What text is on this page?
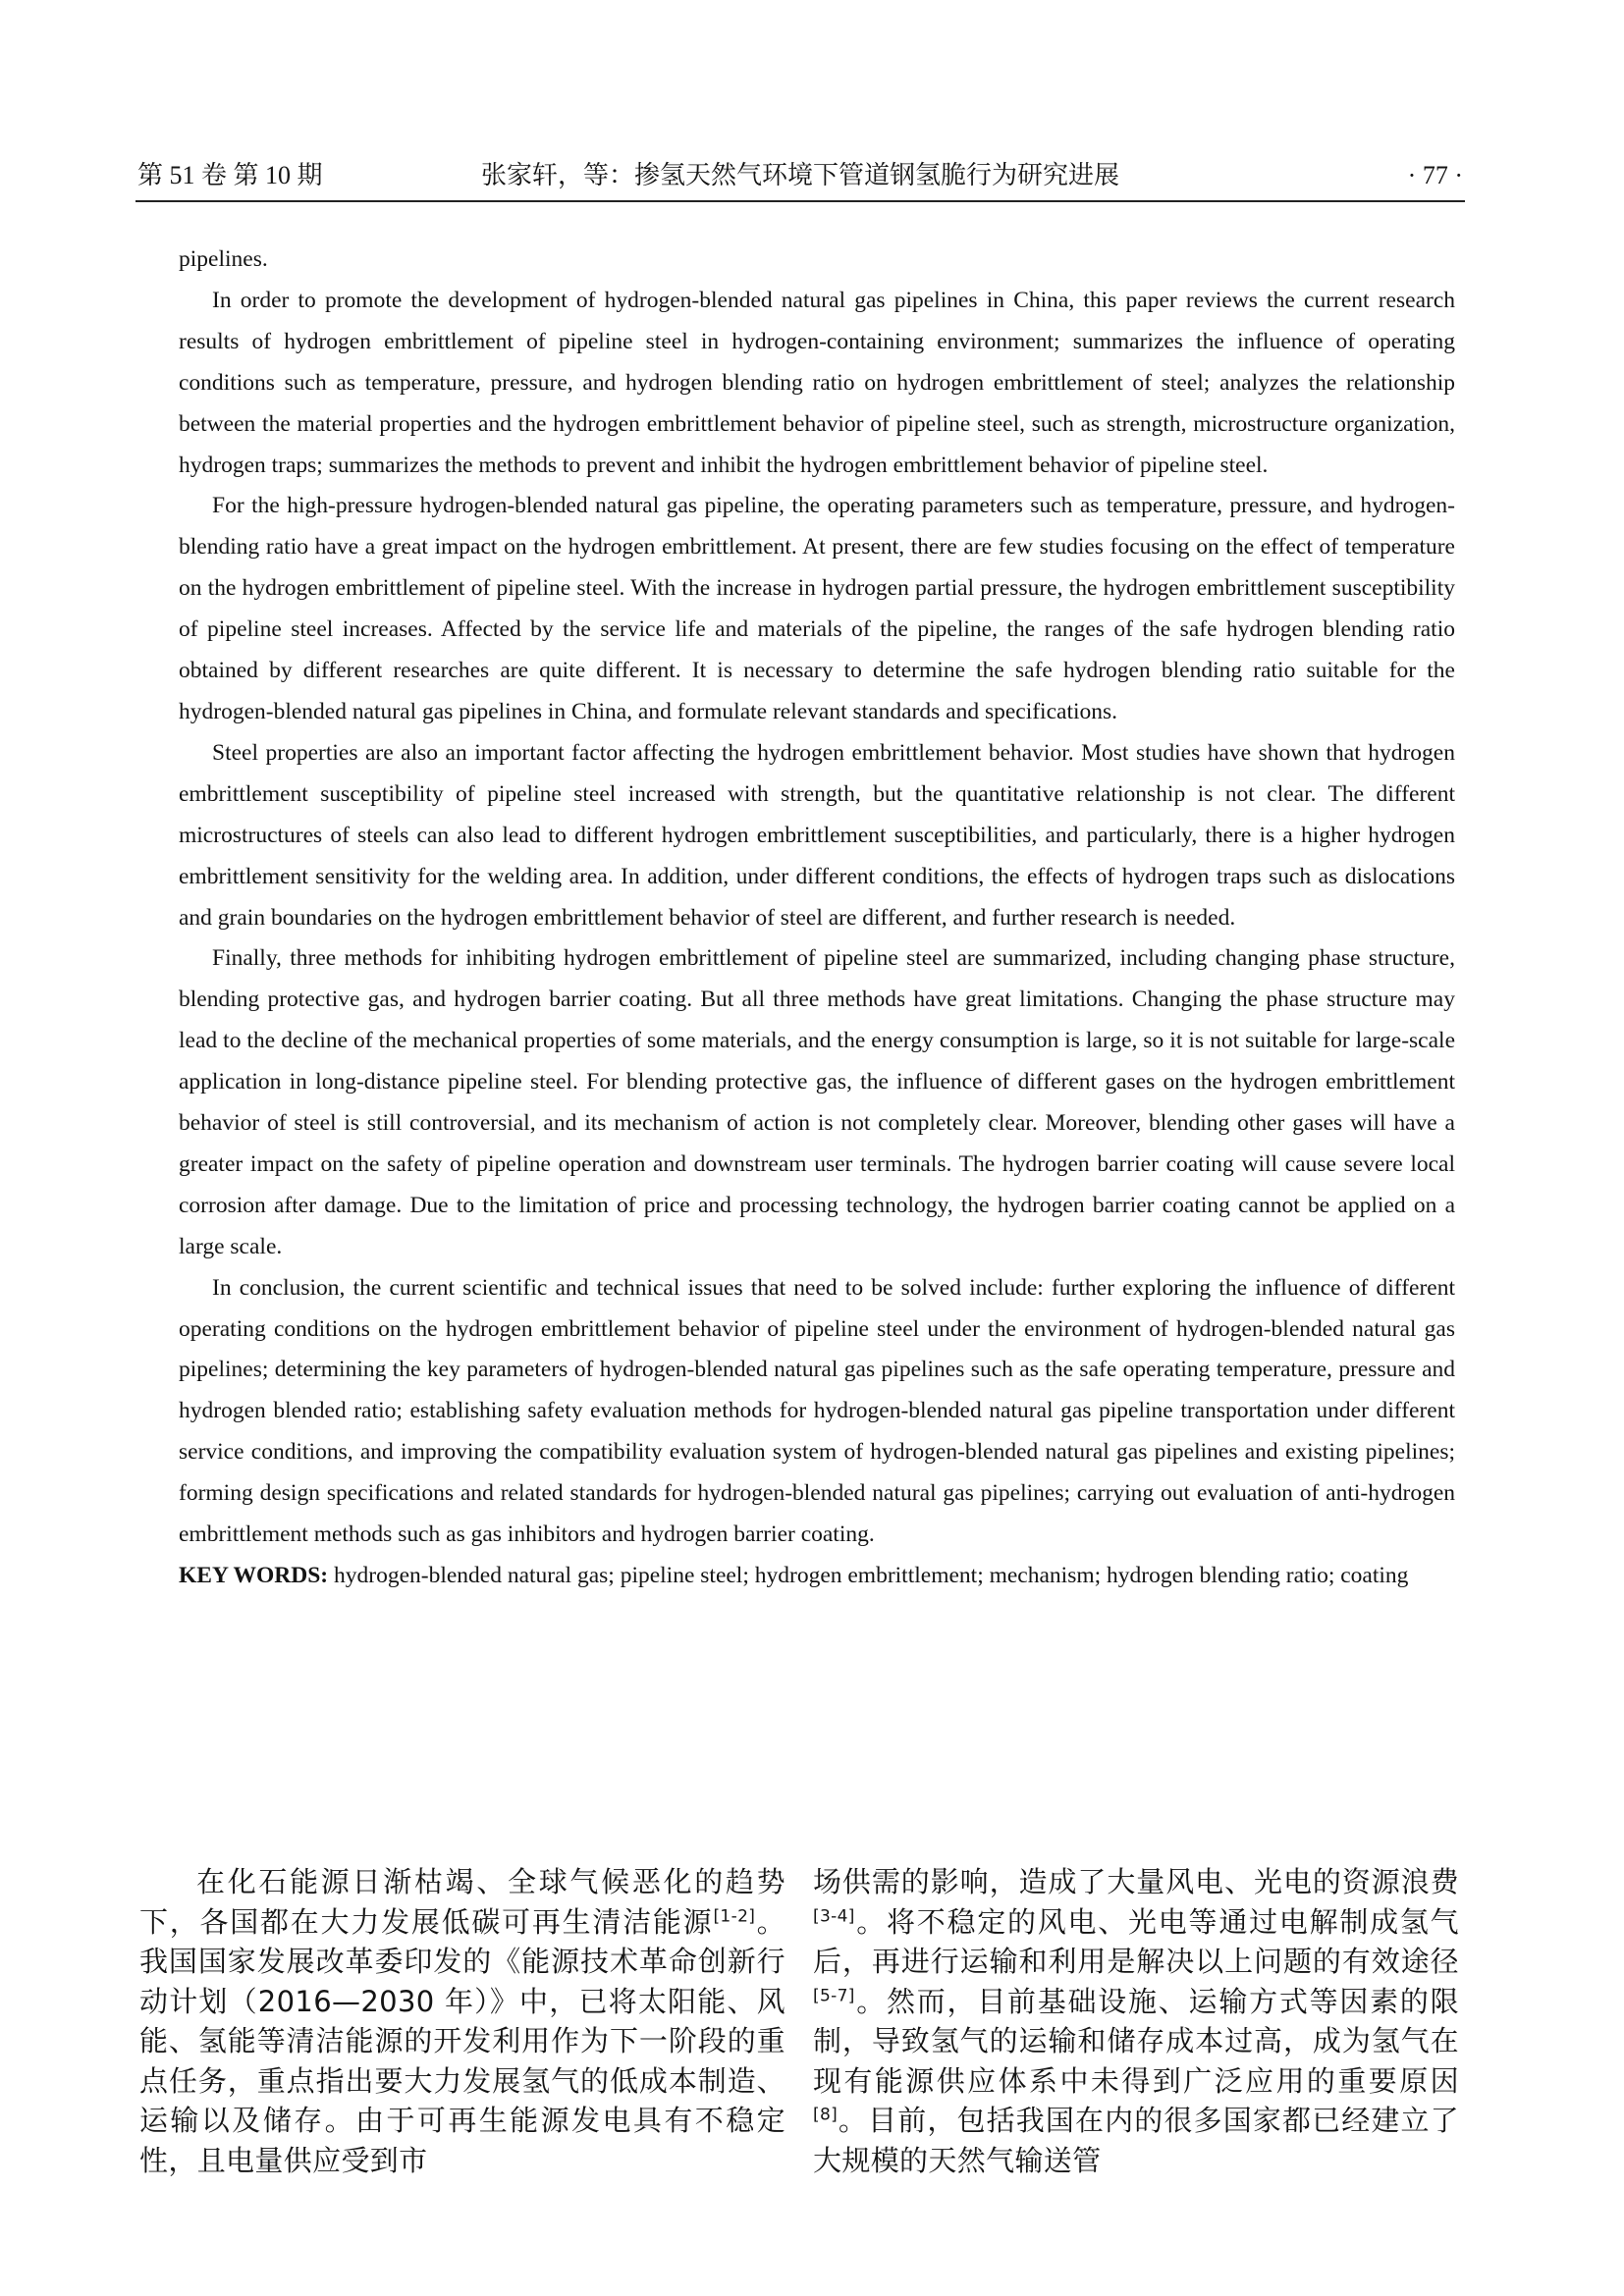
第 51 卷 第 10 期	张家轩，等：掺氢天然气环境下管道钢氢脆行为研究进展	· 77 ·

pipelines.

In order to promote the development of hydrogen-blended natural gas pipelines in China, this paper reviews the current research results of hydrogen embrittlement of pipeline steel in hydrogen-containing environment; summarizes the influence of operating conditions such as temperature, pressure, and hydrogen blending ratio on hydrogen embrittlement of steel; analyzes the relationship between the material properties and the hydrogen embrittlement behavior of pipeline steel, such as strength, microstructure organization, hydrogen traps; summarizes the methods to prevent and inhibit the hydrogen embrittlement behavior of pipeline steel.

For the high-pressure hydrogen-blended natural gas pipeline, the operating parameters such as temperature, pressure, and hydrogen-blending ratio have a great impact on the hydrogen embrittlement. At present, there are few studies focusing on the effect of temperature on the hydrogen embrittlement of pipeline steel. With the increase in hydrogen partial pressure, the hydrogen embrittlement susceptibility of pipeline steel increases. Affected by the service life and materials of the pipeline, the ranges of the safe hydrogen blending ratio obtained by different researches are quite different. It is necessary to determine the safe hydrogen blending ratio suitable for the hydrogen-blended natural gas pipelines in China, and formulate relevant standards and specifications.

Steel properties are also an important factor affecting the hydrogen embrittlement behavior. Most studies have shown that hydrogen embrittlement susceptibility of pipeline steel increased with strength, but the quantitative relationship is not clear. The different microstructures of steels can also lead to different hydrogen embrittlement susceptibilities, and particularly, there is a higher hydrogen embrittlement sensitivity for the welding area. In addition, under different conditions, the effects of hydrogen traps such as dislocations and grain boundaries on the hydrogen embrittlement behavior of steel are different, and further research is needed.

Finally, three methods for inhibiting hydrogen embrittlement of pipeline steel are summarized, including changing phase structure, blending protective gas, and hydrogen barrier coating. But all three methods have great limitations. Changing the phase structure may lead to the decline of the mechanical properties of some materials, and the energy consumption is large, so it is not suitable for large-scale application in long-distance pipeline steel. For blending protective gas, the influence of different gases on the hydrogen embrittlement behavior of steel is still controversial, and its mechanism of action is not completely clear. Moreover, blending other gases will have a greater impact on the safety of pipeline operation and downstream user terminals. The hydrogen barrier coating will cause severe local corrosion after damage. Due to the limitation of price and processing technology, the hydrogen barrier coating cannot be applied on a large scale.

In conclusion, the current scientific and technical issues that need to be solved include: further exploring the influence of different operating conditions on the hydrogen embrittlement behavior of pipeline steel under the environment of hydrogen-blended natural gas pipelines; determining the key parameters of hydrogen-blended natural gas pipelines such as the safe operating temperature, pressure and hydrogen blended ratio; establishing safety evaluation methods for hydrogen-blended natural gas pipeline transportation under different service conditions, and improving the compatibility evaluation system of hydrogen-blended natural gas pipelines and existing pipelines; forming design specifications and related standards for hydrogen-blended natural gas pipelines; carrying out evaluation of anti-hydrogen embrittlement methods such as gas inhibitors and hydrogen barrier coating.

KEY WORDS: hydrogen-blended natural gas; pipeline steel; hydrogen embrittlement; mechanism; hydrogen blending ratio; coating

在化石能源日渐枯竭、全球气候恶化的趋势下，各国都在大力发展低碳可再生清洁能源[1-2]。我国国家发展改革委印发的《能源技术革命创新行动计划（2016—2030 年）》中，已将太阳能、风能、氢能等清洁能源的开发利用作为下一阶段的重点任务，重点指出要大力发展氢气的低成本制造、运输以及储存。由于可再生能源发电具有不稳定性，且电量供应受到市

场供需的影响，造成了大量风电、光电的资源浪费[3-4]。将不稳定的风电、光电等通过电解制成氢气后，再进行运输和利用是解决以上问题的有效途径[5-7]。然而，目前基础设施、运输方式等因素的限制，导致氢气的运输和储存成本过高，成为氢气在现有能源供应体系中未得到广泛应用的重要原因[8]。目前，包括我国在内的很多国家都已经建立了大规模的天然气输送管
